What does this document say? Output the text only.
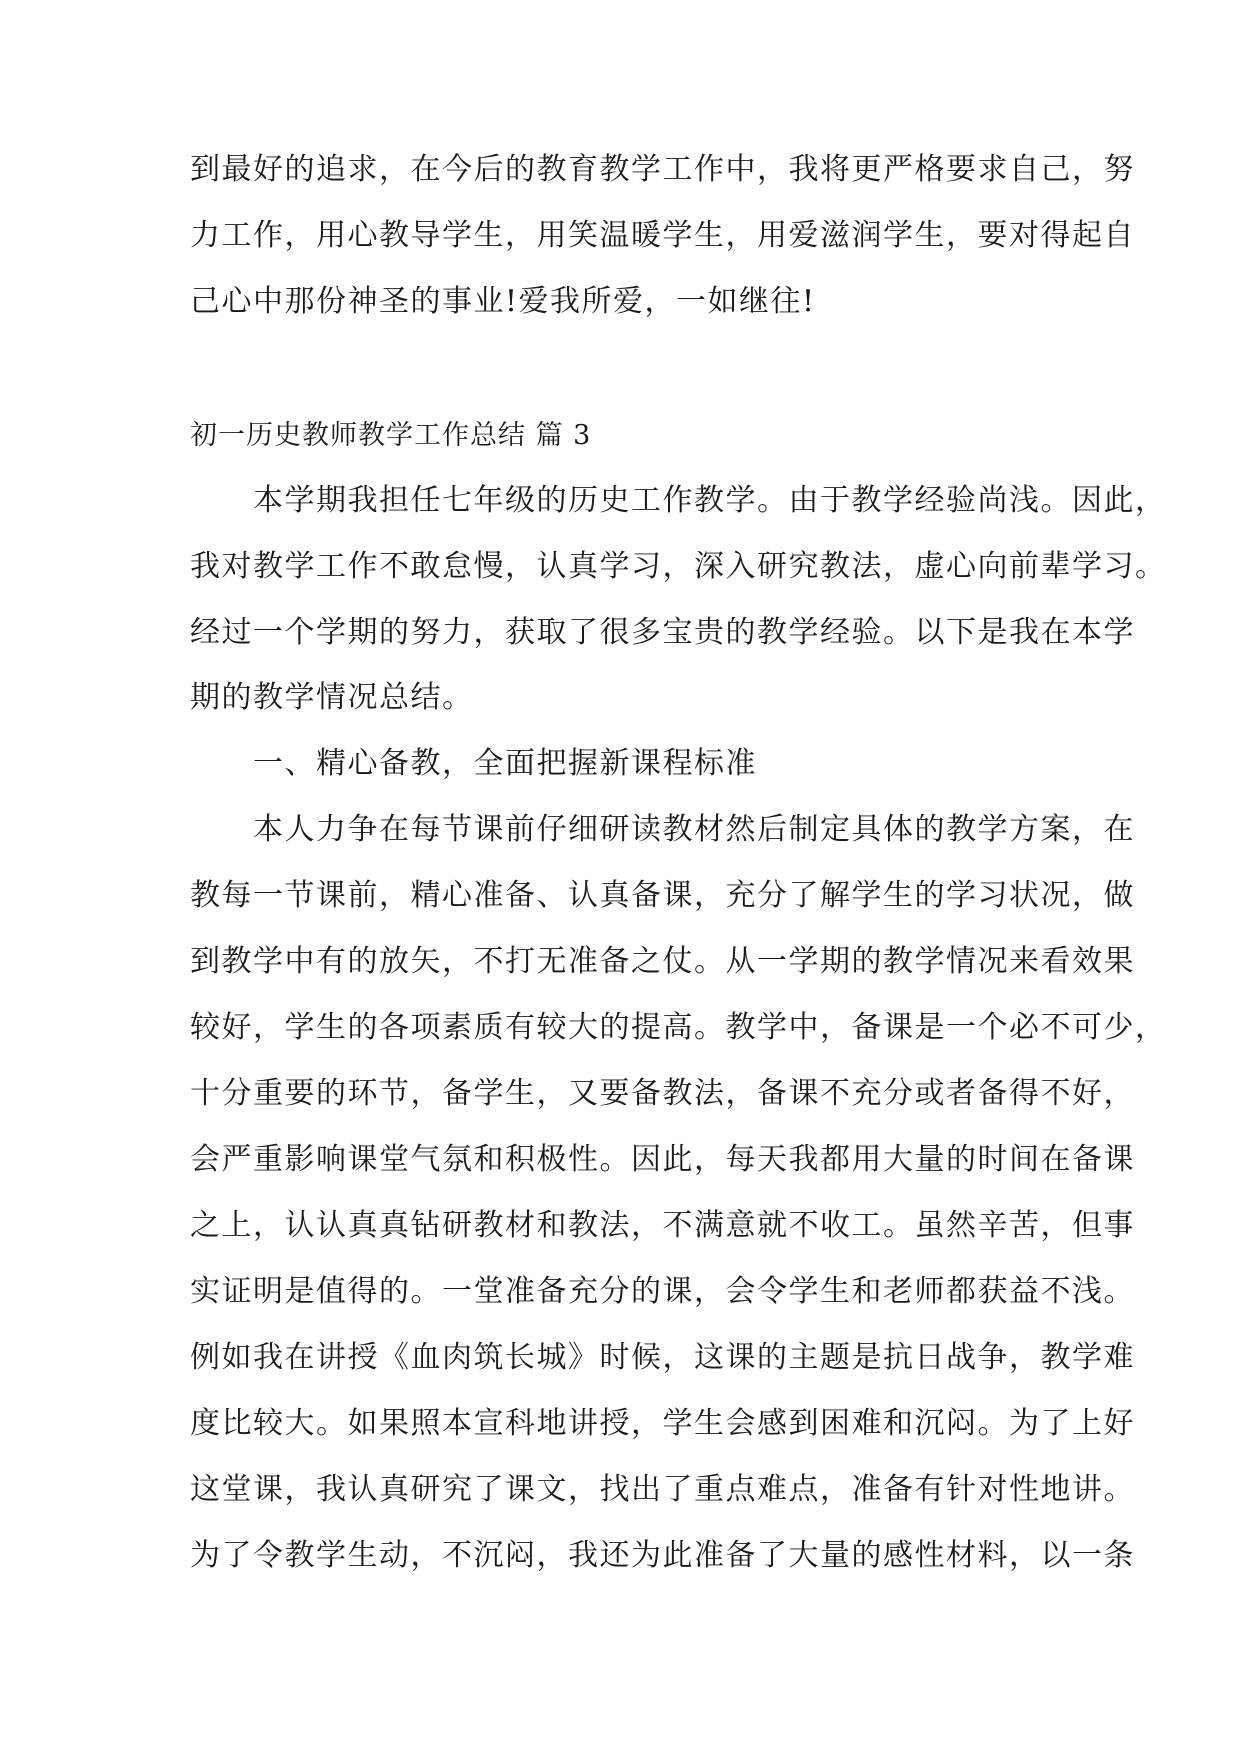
到最好的追求，在今后的教育教学工作中，我将更严格要求自己，努
力工作，用心教导学生，用笑温暖学生，用爱滋润学生，要对得起自
己心中那份神圣的事业!爱我所爱，一如继往!
初一历史教师教学工作总结 篇 3
　　本学期我担任七年级的历史工作教学。由于教学经验尚浅。因此，
我对教学工作不敢怠慢，认真学习，深入研究教法，虚心向前辈学习。
经过一个学期的努力，获取了很多宝贵的教学经验。以下是我在本学
期的教学情况总结。
　　一、精心备教，全面把握新课程标准
　　本人力争在每节课前仔细研读教材然后制定具体的教学方案，在
教每一节课前，精心准备、认真备课，充分了解学生的学习状况，做
到教学中有的放矢，不打无准备之仗。从一学期的教学情况来看效果
较好，学生的各项素质有较大的提高。教学中，备课是一个必不可少，
十分重要的环节，备学生，又要备教法，备课不充分或者备得不好，
会严重影响课堂气氛和积极性。因此，每天我都用大量的时间在备课
之上，认认真真钻研教材和教法，不满意就不收工。虽然辛苦，但事
实证明是值得的。一堂准备充分的课，会令学生和老师都获益不浅。
例如我在讲授《血肉筑长城》时候，这课的主题是抗日战争，教学难
度比较大。如果照本宣科地讲授，学生会感到困难和沉闷。为了上好
这堂课，我认真研究了课文，找出了重点难点，准备有针对性地讲。
为了令教学生动，不沉闷，我还为此准备了大量的感性材料，以一条
